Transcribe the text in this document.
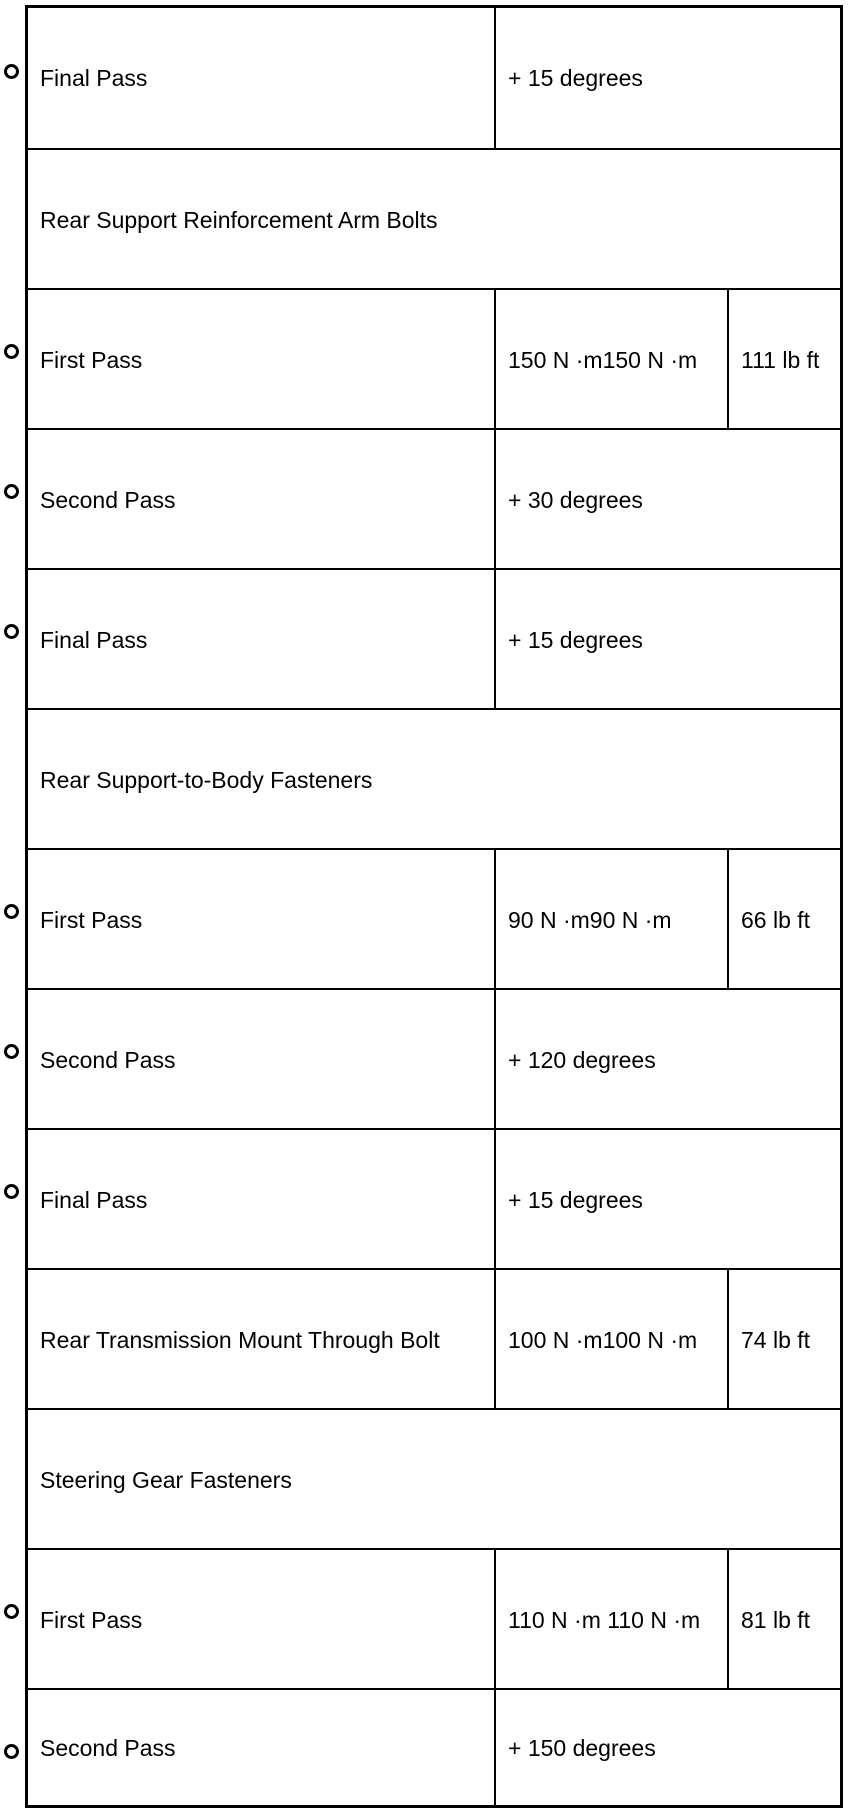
Final Pass	+ 15 degrees
Rear Support Reinforcement Arm Bolts
First Pass	150 N ·m150 N ·m	111 lb ft
Second Pass	+ 30 degrees
Final Pass	+ 15 degrees
Rear Support-to-Body Fasteners
First Pass	90 N ·m90 N ·m	66 lb ft
Second Pass	+ 120 degrees
Final Pass	+ 15 degrees
Rear Transmission Mount Through Bolt	100 N ·m100 N ·m	74 lb ft
Steering Gear Fasteners
First Pass	110 N ·m 110 N ·m	81 lb ft
Second Pass	+ 150 degrees
